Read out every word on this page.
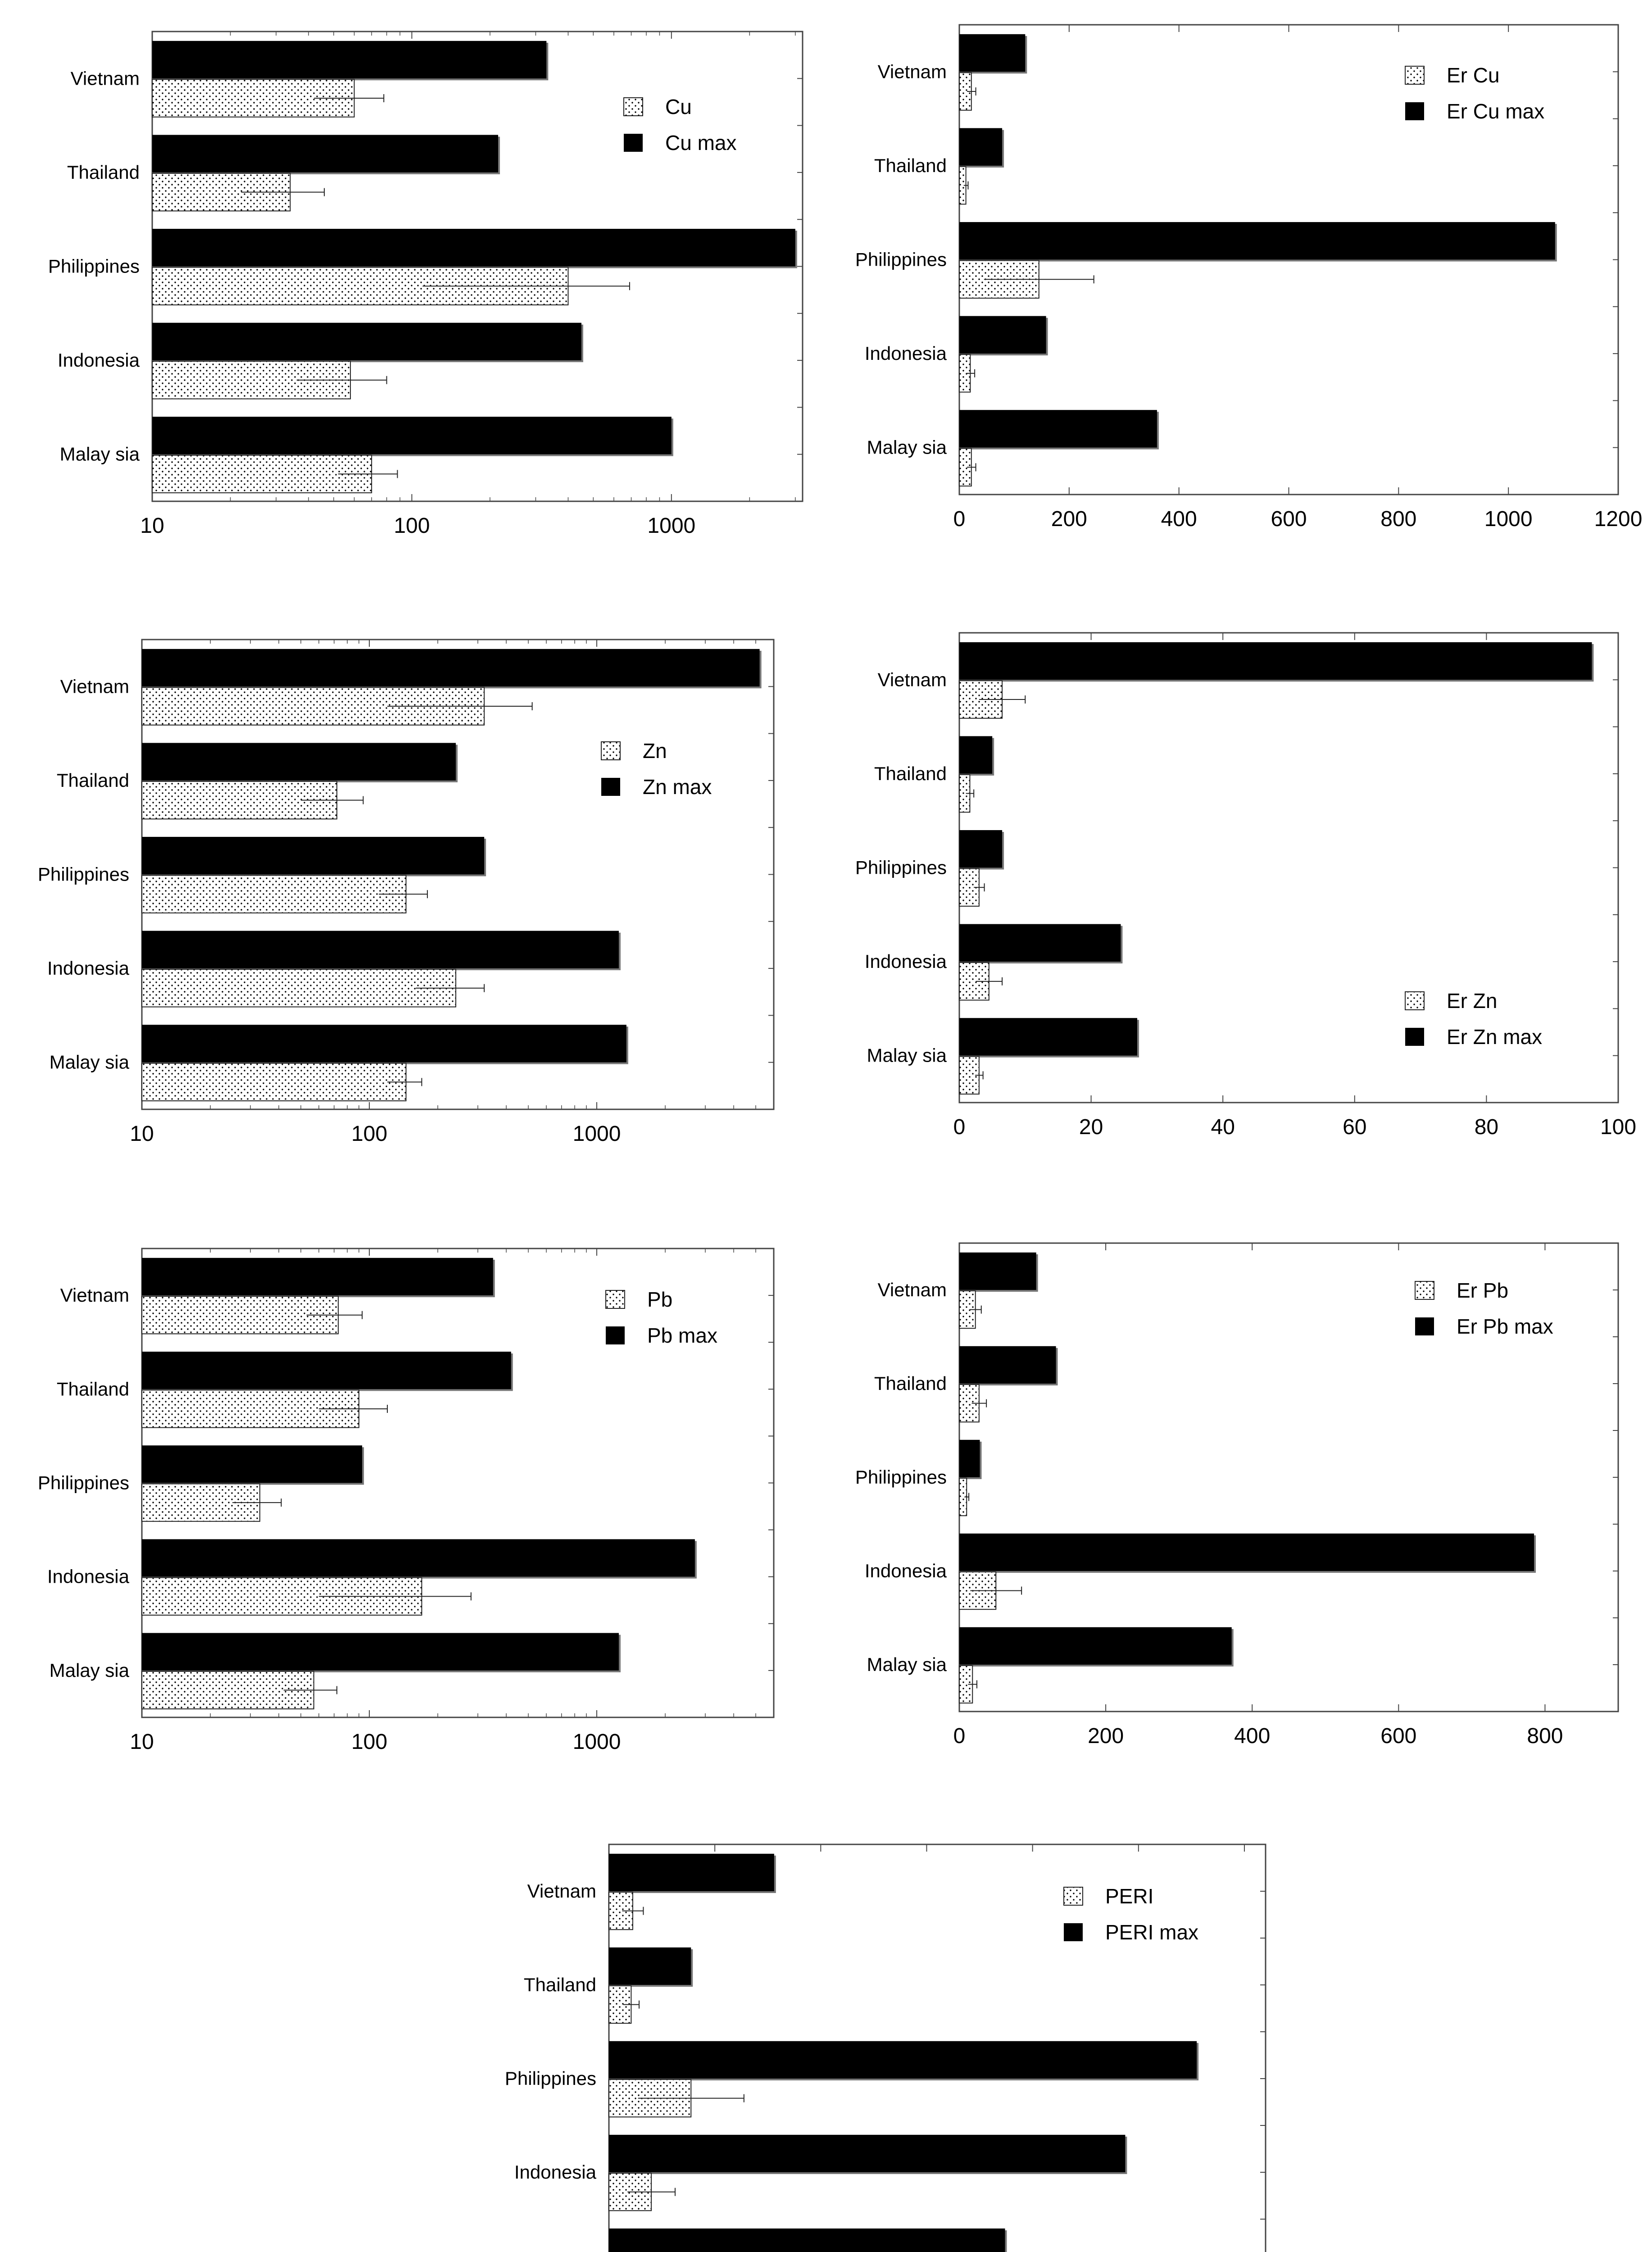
Vietnam
Thailand
Philippines
Indonesia
Malay sia
10	100	1000
Cu
Cu max
Vietnam
Thailand
Philippines
Indonesia
Malay sia
0	200	400	600	800	1000	1200
Er Cu
Er Cu max
Vietnam
Thailand
Philippines
Indonesia
Malay sia
10	100	1000
Zn
Zn max
Vietnam
Thailand
Philippines
Indonesia
Malay sia
0	20	40	60	80	100
Er Zn
Er Zn max
Vietnam
Thailand
Philippines
Indonesia
Malay sia
10	100	1000
Pb
Pb max
Vietnam
Thailand
Philippines
Indonesia
Malay sia
0	200	400	600	800
Er Pb
Er Pb max
Vietnam
Thailand
Philippines
Indonesia
PERI
PERI max
